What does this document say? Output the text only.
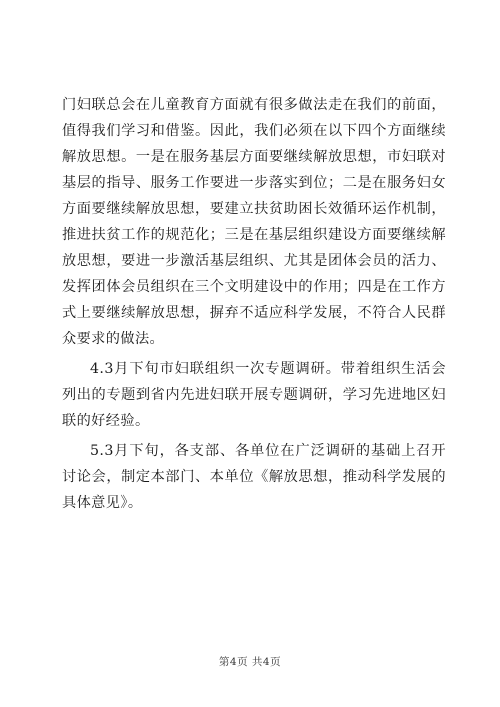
门妇联总会在儿童教育方面就有很多做法走在我们的前面，值得我们学习和借鉴。因此，我们必须在以下四个方面继续解放思想。一是在服务基层方面要继续解放思想，市妇联对基层的指导、服务工作要进一步落实到位；二是在服务妇女方面要继续解放思想，要建立扶贫助困长效循环运作机制，推进扶贫工作的规范化；三是在基层组织建设方面要继续解放思想，要进一步激活基层组织、尤其是团体会员的活力、发挥团体会员组织在三个文明建设中的作用；四是在工作方式上要继续解放思想，摒弃不适应科学发展，不符合人民群众要求的做法。

4.3月下旬市妇联组织一次专题调研。带着组织生活会列出的专题到省内先进妇联开展专题调研，学习先进地区妇联的好经验。

5.3月下旬，各支部、各单位在广泛调研的基础上召开讨论会，制定本部门、本单位《解放思想，推动科学发展的具体意见》。

第4页 共4页
